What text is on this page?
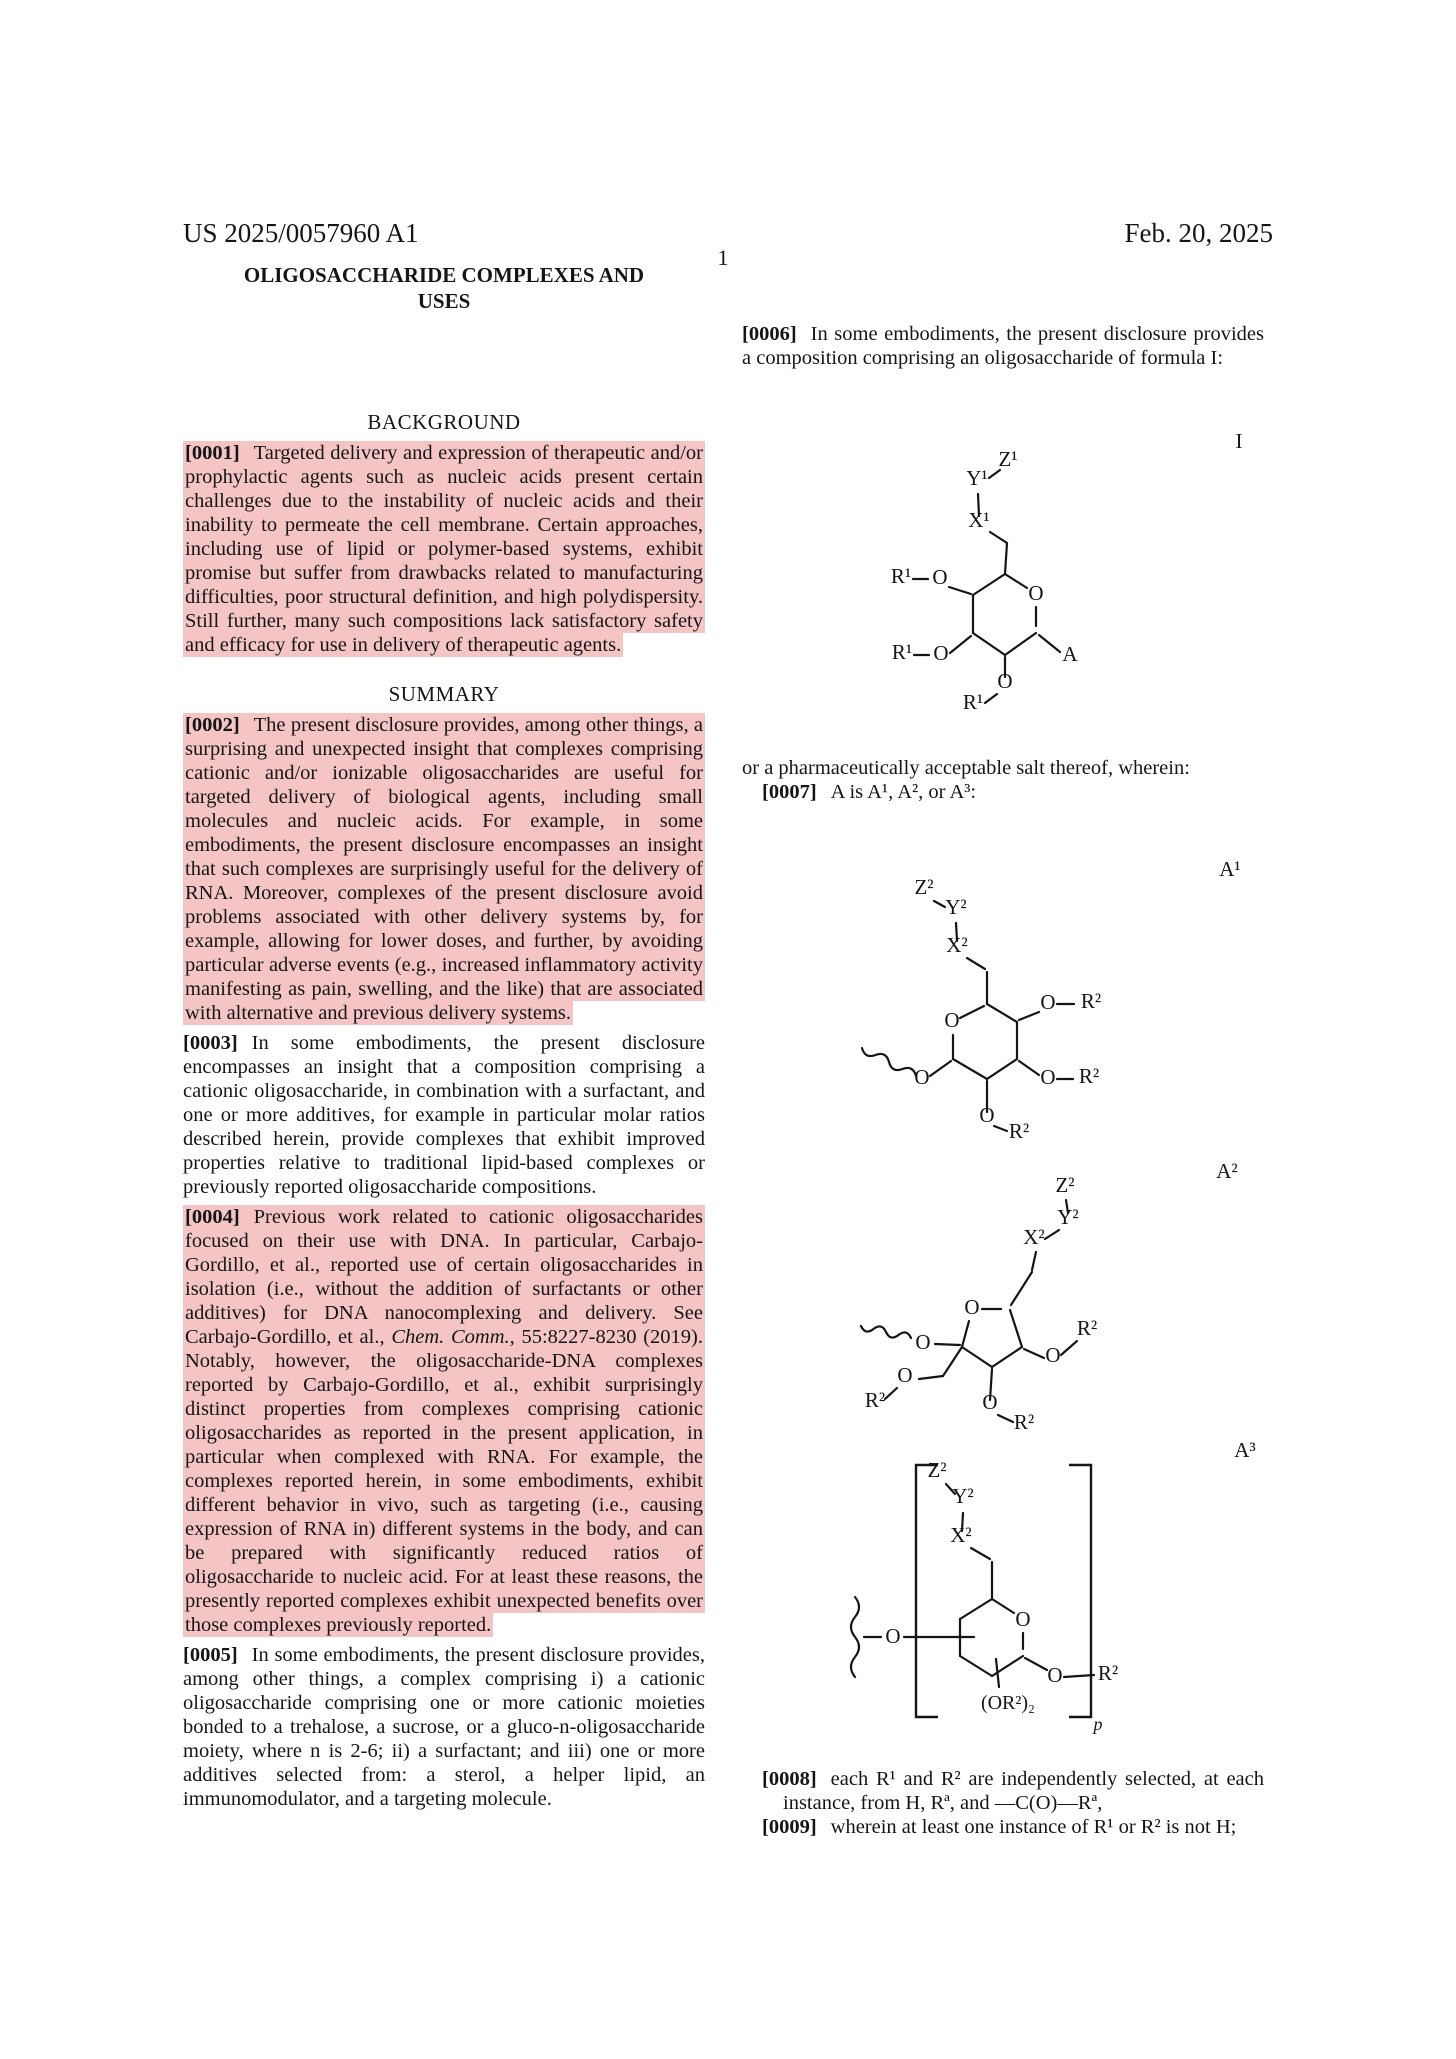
US 2025/0057960 A1	Feb. 20, 2025
1
OLIGOSACCHARIDE COMPLEXES AND
USES
BACKGROUND

[0001] Targeted delivery and expression of therapeutic and/or prophylactic agents such as nucleic acids present certain challenges due to the instability of nucleic acids and their inability to permeate the cell membrane. Certain approaches, including use of lipid or polymer-based systems, exhibit promise but suffer from drawbacks related to manufacturing difficulties, poor structural definition, and high polydispersity. Still further, many such compositions lack satisfactory safety and efficacy for use in delivery of therapeutic agents.

SUMMARY

[0002] The present disclosure provides, among other things, a surprising and unexpected insight that complexes comprising cationic and/or ionizable oligosaccharides are useful for targeted delivery of biological agents, including small molecules and nucleic acids. For example, in some embodiments, the present disclosure encompasses an insight that such complexes are surprisingly useful for the delivery of RNA. Moreover, complexes of the present disclosure avoid problems associated with other delivery systems by, for example, allowing for lower doses, and further, by avoiding particular adverse events (e.g., increased inflammatory activity manifesting as pain, swelling, and the like) that are associated with alternative and previous delivery systems.

[0003] In some embodiments, the present disclosure encompasses an insight that a composition comprising a cationic oligosaccharide, in combination with a surfactant, and one or more additives, for example in particular molar ratios described herein, provide complexes that exhibit improved properties relative to traditional lipid-based complexes or previously reported oligosaccharide compositions.

[0004] Previous work related to cationic oligosaccharides focused on their use with DNA. In particular, Carbajo-Gordillo, et al., reported use of certain oligosaccharides in isolation (i.e., without the addition of surfactants or other additives) for DNA nanocomplexing and delivery. See Carbajo-Gordillo, et al., Chem. Comm., 55:8227-8230 (2019). Notably, however, the oligosaccharide-DNA complexes reported by Carbajo-Gordillo, et al., exhibit surprisingly distinct properties from complexes comprising cationic oligosaccharides as reported in the present application, in particular when complexed with RNA. For example, the complexes reported herein, in some embodiments, exhibit different behavior in vivo, such as targeting (i.e., causing expression of RNA in) different systems in the body, and can be prepared with significantly reduced ratios of oligosaccharide to nucleic acid. For at least these reasons, the presently reported complexes exhibit unexpected benefits over those complexes previously reported.

[0005] In some embodiments, the present disclosure provides, among other things, a complex comprising i) a cationic oligosaccharide comprising one or more cationic moieties bonded to a trehalose, a sucrose, or a gluco-n-oligosaccharide moiety, where n is 2-6; ii) a surfactant; and iii) one or more additives selected from: a sterol, a helper lipid, an immunomodulator, and a targeting molecule.

[0006] In some embodiments, the present disclosure provides a composition comprising an oligosaccharide of formula I:

I
Z¹
Y¹
X¹
O
A
O
R¹
R¹ O
R¹ O

or a pharmaceutically acceptable salt thereof, wherein:

[0007] A is A¹, A², or A³:

A¹
Z²
Y²
X²
O
O R²
O R²
O
R²
O
A²
Z²
Y²
X²
O
O
R²
O
R²
O
O
R²
A³
p
Z²
Y²
X²
O
O
(OR²)₂
O R²

[0008] each R¹ and R² are independently selected, at each instance, from H, Rª, and —C(O)—Rª,

[0009] wherein at least one instance of R¹ or R² is not H;
